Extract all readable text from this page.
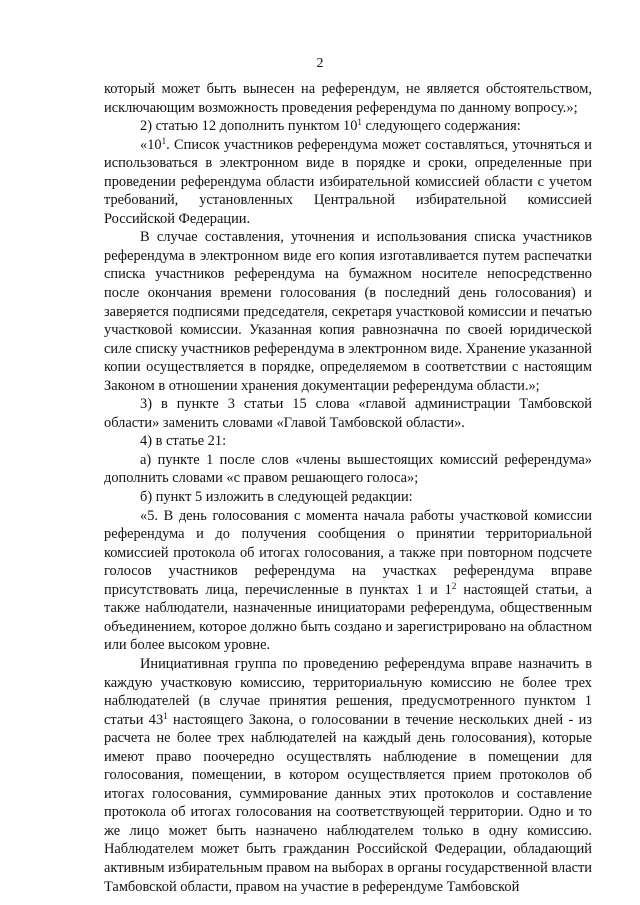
2

который может быть вынесен на референдум, не является обстоятельством, исключающим возможность проведения референдума по данному вопросу.»;

2) статью 12 дополнить пунктом $10^1$ следующего содержания:

«$10^1$. Список участников референдума может составляться, уточняться и использоваться в электронном виде в порядке и сроки, определенные при проведении референдума области избирательной комиссией области с учетом требований, установленных Центральной избирательной комиссией Российской Федерации.

В случае составления, уточнения и использования списка участников референдума в электронном виде его копия изготавливается путем распечатки списка участников референдума на бумажном носителе непосредственно после окончания времени голосования (в последний день голосования) и заверяется подписями председателя, секретаря участковой комиссии и печатью участковой комиссии. Указанная копия равнозначна по своей юридической силе списку участников референдума в электронном виде. Хранение указанной копии осуществляется в порядке, определяемом в соответствии с настоящим Законом в отношении хранения документации референдума области.»;

3) в пункте 3 статьи 15 слова «главой администрации Тамбовской области» заменить словами «Главой Тамбовской области».

4) в статье 21:

а) пункте 1 после слов «члены вышестоящих комиссий референдума» дополнить словами «с правом решающего голоса»;

б) пункт 5 изложить в следующей редакции:

«5. В день голосования с момента начала работы участковой комиссии референдума и до получения сообщения о принятии территориальной комиссией протокола об итогах голосования, а также при повторном подсчете голосов участников референдума на участках референдума вправе присутствовать лица, перечисленные в пунктах 1 и $1^2$ настоящей статьи, а также наблюдатели, назначенные инициаторами референдума, общественным объединением, которое должно быть создано и зарегистрировано на областном или более высоком уровне.

Инициативная группа по проведению референдума вправе назначить в каждую участковую комиссию, территориальную комиссию не более трех наблюдателей (в случае принятия решения, предусмотренного пунктом 1 статьи $43^1$ настоящего Закона, о голосовании в течение нескольких дней - из расчета не более трех наблюдателей на каждый день голосования), которые имеют право поочередно осуществлять наблюдение в помещении для голосования, помещении, в котором осуществляется прием протоколов об итогах голосования, суммирование данных этих протоколов и составление протокола об итогах голосования на соответствующей территории. Одно и то же лицо может быть назначено наблюдателем только в одну комиссию. Наблюдателем может быть гражданин Российской Федерации, обладающий активным избирательным правом на выборах в органы государственной власти Тамбовской области, правом на участие в референдуме Тамбовской
